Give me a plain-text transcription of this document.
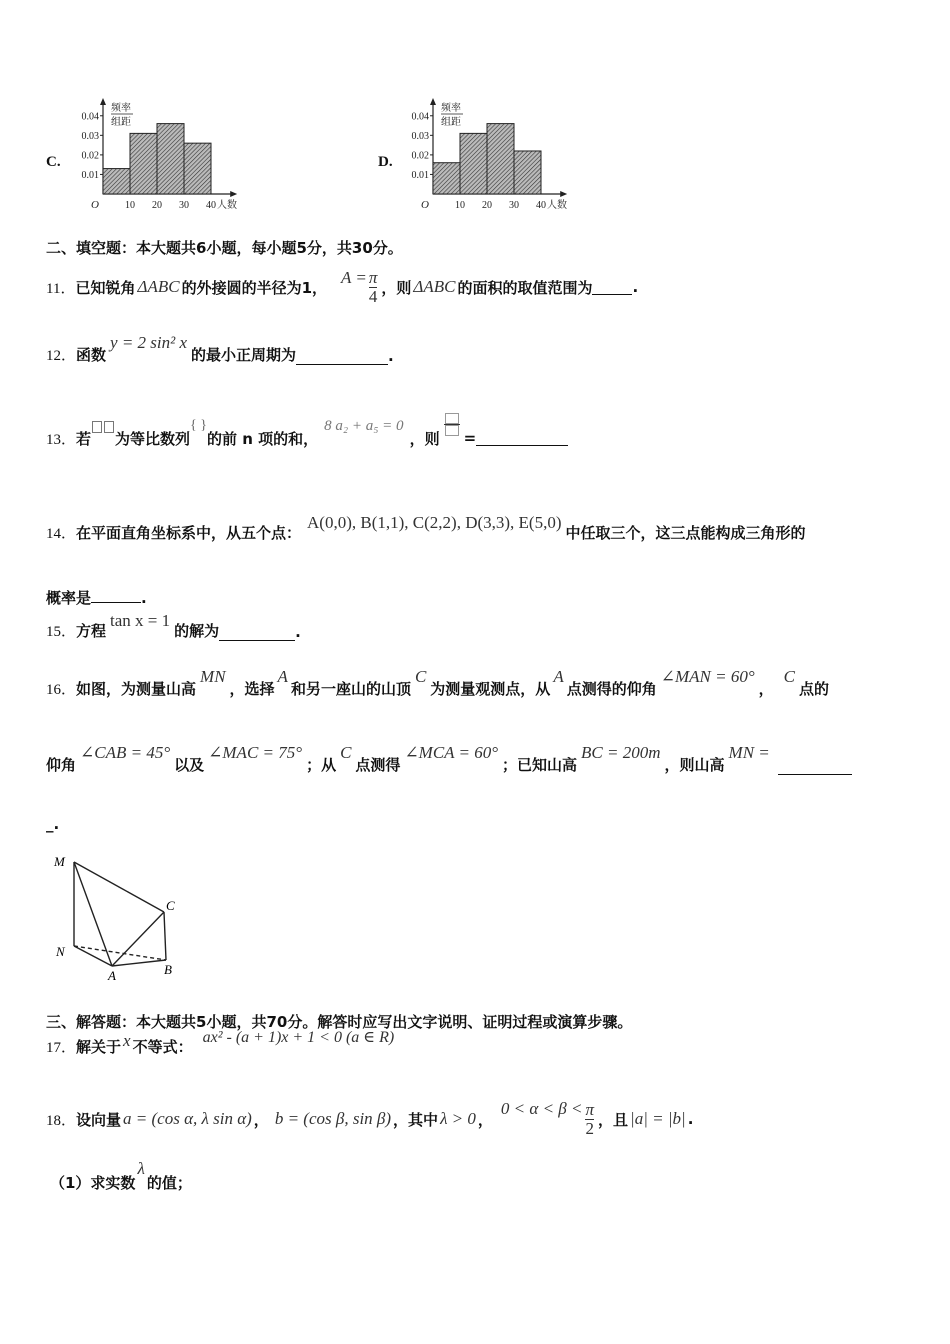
C.	D.
频率
组距
0.04
0.03
0.02
0.01
O	10 20 30 40 人数
频率
组距
0.04
0.03
0.02
0.01
O	10 20 30 40 人数
二、填空题：本大题共6小题，每小题5分，共30分。
11． 已知锐角 ΔABC 的外接圆的半径为1，
$A = \frac{\pi}{4}$ ，则 ΔABC 的面积的取值范围为	.
12． 函数
y = 2 sin² x
的最小正周期为	.
13． 若 为等比数列
{ }
的前 n 项的和，
8 a₂ + a₅ = 0
，则 =
14． 在平面直角坐标系中，从五个点：
A(0,0), B(1,1), C(2,2), D(3,3), E(5,0)
中任取三个，这三点能构成三角形的
概率是	.
15． 方程
tan x = 1
的解为	.
16． 如图，为测量山高
MN
，选择
A
和另一座山的山顶
C
为测量观测点，从
A
点测得的仰角
∠MAN = 60°
，
C
点的
仰角
∠CAB = 45°
以及
∠MAC = 75°
；从
C
点测得
∠MCA = 60°
；已知山高
BC = 200m
，则山高
MN =
_.
M
C
N
A	B
三、解答题：本大题共5小题，共70分。解答时应写出文字说明、证明过程或演算步骤。
17． 解关于 x 不等式：
ax² - (a + 1)x + 1 < 0 (a ∈ R)
18． 设向量 a = (cos α, λ sin α) ， b = (cos β, sin β) ，其中 λ > 0 ，
$0 < \alpha < \beta < \frac{\pi}{2}$ ，且 |a| = |b| .
（1）求实数
λ
的值；
